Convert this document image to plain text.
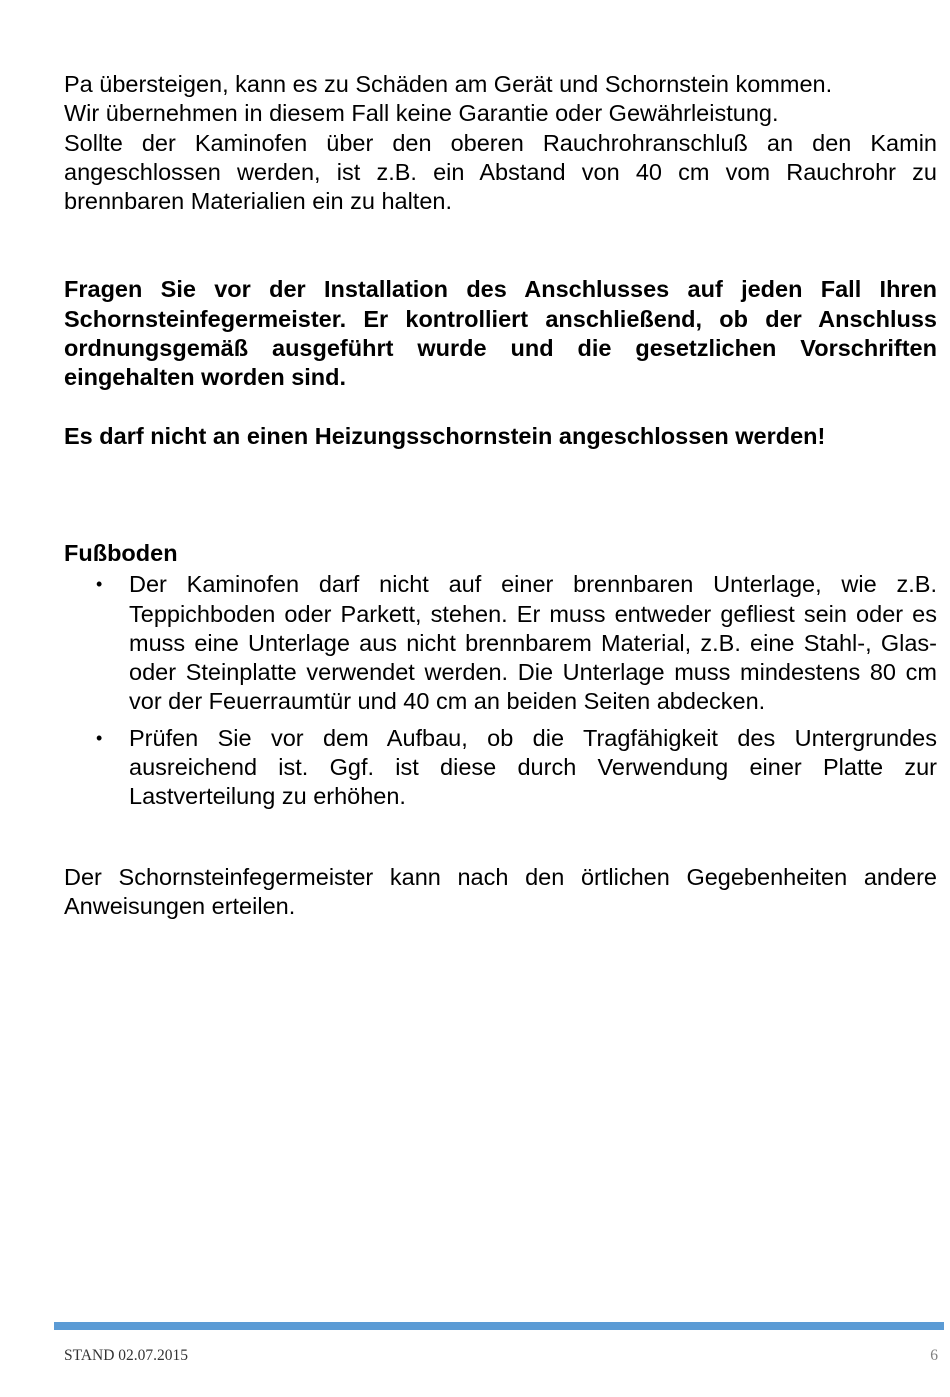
Pa übersteigen, kann es zu Schäden am Gerät und Schornstein kommen.
Wir übernehmen in diesem Fall keine Garantie oder Gewährleistung.
Sollte der Kaminofen über den oberen Rauchrohranschluß an den Kamin angeschlossen werden, ist z.B. ein Abstand von 40 cm vom Rauchrohr zu brennbaren Materialien ein zu halten.

Fragen Sie vor der Installation des Anschlusses auf jeden Fall Ihren Schornsteinfegermeister. Er kontrolliert anschließend, ob der Anschluss ordnungsgemäß ausgeführt wurde und die gesetzlichen Vorschriften eingehalten worden sind.

Es darf nicht an einen Heizungsschornstein angeschlossen werden!

Fußboden

• Der Kaminofen darf nicht auf einer brennbaren Unterlage, wie z.B. Teppichboden oder Parkett, stehen. Er muss entweder gefliest sein oder es muss eine Unterlage aus nicht brennbarem Material, z.B. eine Stahl-, Glas- oder Steinplatte verwendet werden. Die Unterlage muss mindestens 80 cm vor der Feuerraumtür und 40 cm an beiden Seiten abdecken.
• Prüfen Sie vor dem Aufbau, ob die Tragfähigkeit des Untergrundes ausreichend ist. Ggf. ist diese durch Verwendung einer Platte zur Lastverteilung zu erhöhen.

Der Schornsteinfegermeister kann nach den örtlichen Gegebenheiten andere Anweisungen erteilen.

STAND 02.07.2015	6
